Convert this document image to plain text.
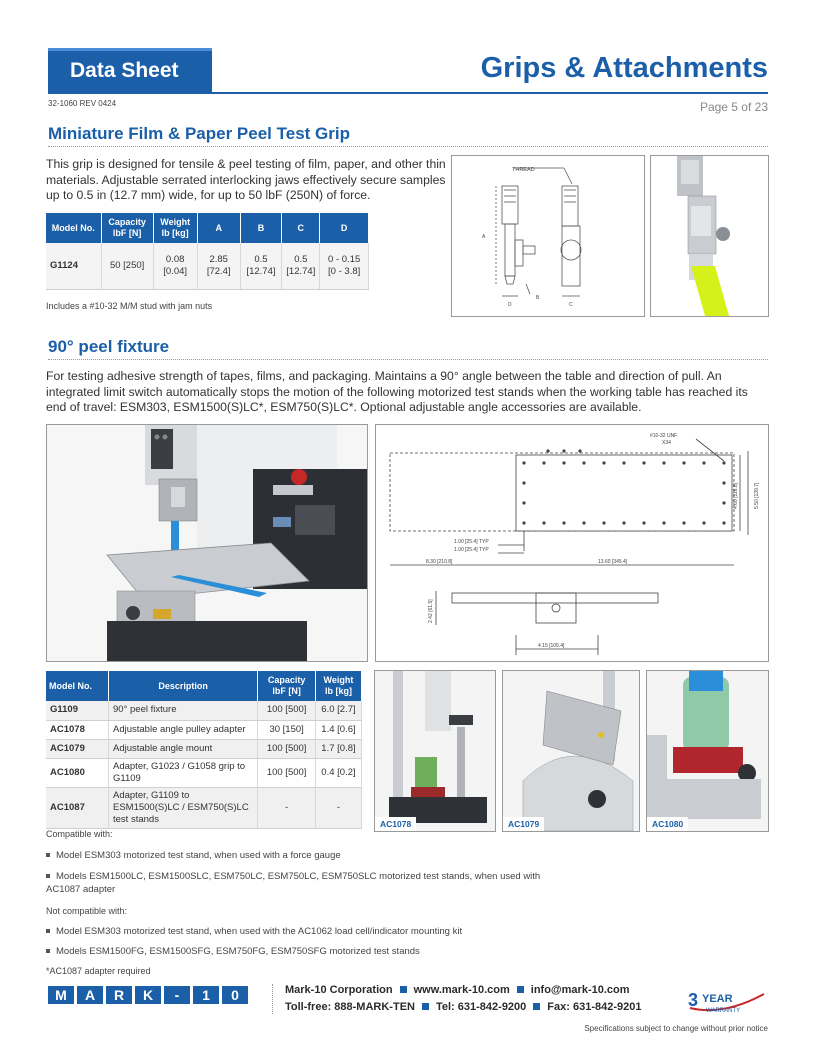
Data Sheet	Grips & Attachments
32-1060 REV 0424	Page 5 of 23
Miniature Film & Paper Peel Test Grip
This grip is designed for tensile & peel testing of film, paper, and other thin materials. Adjustable serrated interlocking jaws effectively secure samples up to 0.5 in (12.7 mm) wide, for up to 50 lbF (250N) of force.
Model No.	Capacity lbF [N]	Weight lb [kg]	A	B	C	D
G1124	50 [250]	0.08 [0.04]	2.85 [72.4]	0.5 [12.74]	0.5 [12.74]	0 - 0.15 [0 - 3.8]
Includes a #10-32 M/M stud with jam nuts
THREAD
A
B
C
D
90° peel fixture
For testing adhesive strength of tapes, films, and packaging. Maintains a 90° angle between the table and direction of pull. An integrated limit switch automatically stops the motion of the following motorized test stands when the working table has reached its end of travel: ESM303, ESM1500(S)LC*, ESM750(S)LC*. Optional adjustable angle accessories are available.
#10-32 UNF
X34
1.00 [25.4] TYP
1.00 [25.4] TYP
8.30 [210.8]	13.60 [345.4]
4.60 [116.8]	5.50 [139.7]
2.42 [61.5]
4.15 [105.4]
Model No.	Description	Capacity lbF [N]	Weight lb [kg]
G1109	90° peel fixture	100 [500]	6.0 [2.7]
AC1078	Adjustable angle pulley adapter	30 [150]	1.4 [0.6]
AC1079	Adjustable angle mount	100 [500]	1.7 [0.8]
AC1080	Adapter, G1023 / G1058 grip to G1109	100 [500]	0.4 [0.2]
AC1087	Adapter, G1109 to ESM1500(S)LC / ESM750(S)LC test stands	-	-
AC1078	AC1079	AC1080
Compatible with:
Model ESM303 motorized test stand, when used with a force gauge
Models ESM1500LC, ESM1500SLC, ESM750LC, ESM750LC, ESM750SLC motorized test stands, when used with AC1087 adapter
Not compatible with:
Model ESM303 motorized test stand, when used with the AC1062 load cell/indicator mounting kit
Models ESM1500FG, ESM1500SFG, ESM750FG, ESM750SFG motorized test stands
*AC1087 adapter required
M	A	R	K	-	1	0	Mark-10 Corporation www.mark-10.com info@mark-10.com
Toll-free: 888-MARK-TEN Tel: 631-842-9200 Fax: 631-842-9201	3 YEAR
WARRANTY
Specifications subject to change without prior notice
